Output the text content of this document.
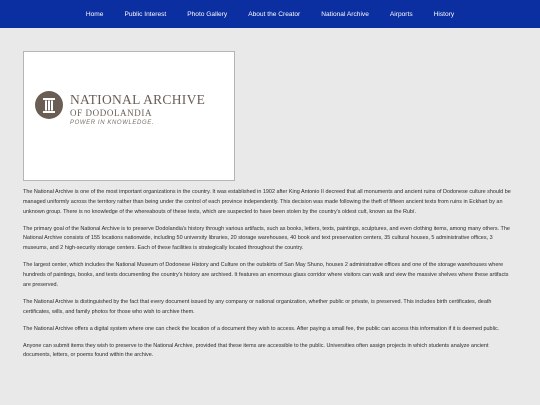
Home	Public Interest	Photo Gallery	About the Creator	National Archive	Airports	History
NATIONAL ARCHIVE
OF DODOLANDIA
POWER IN KNOWLEDGE.

The National Archive is one of the most important organizations in the country. It was established in 1902 after King Antonio II decreed that all monuments and ancient ruins of Dodonese culture should be managed uniformly across the territory rather than being under the control of each province independently. This decision was made following the theft of fifteen ancient texts from ruins in Eckhart by an unknown group. There is no knowledge of the whereabouts of these texts, which are suspected to have been stolen by the country's oldest cult, known as the Rubí.

The primary goal of the National Archive is to preserve Dodolandia's history through various artifacts, such as books, letters, texts, paintings, sculptures, and even clothing items, among many others. The National Archive consists of 155 locations nationwide, including 50 university libraries, 20 storage warehouses, 40 book and text preservation centers, 35 cultural houses, 5 administrative offices, 3 museums, and 2 high-security storage centers. Each of these facilities is strategically located throughout the country.

The largest center, which includes the National Museum of Dodonese History and Culture on the outskirts of San May Shuno, houses 2 administrative offices and one of the storage warehouses where hundreds of paintings, books, and texts documenting the country's history are archived. It features an enormous glass corridor where visitors can walk and view the massive shelves where these artifacts are preserved.

The National Archive is distinguished by the fact that every document issued by any company or national organization, whether public or private, is preserved. This includes birth certificates, death certificates, wills, and family photos for those who wish to archive them.

The National Archive offers a digital system where one can check the location of a document they wish to access. After paying a small fee, the public can access this information if it is deemed public.

Anyone can submit items they wish to preserve to the National Archive, provided that these items are accessible to the public. Universities often assign projects in which students analyze ancient documents, letters, or poems found within the archive.
